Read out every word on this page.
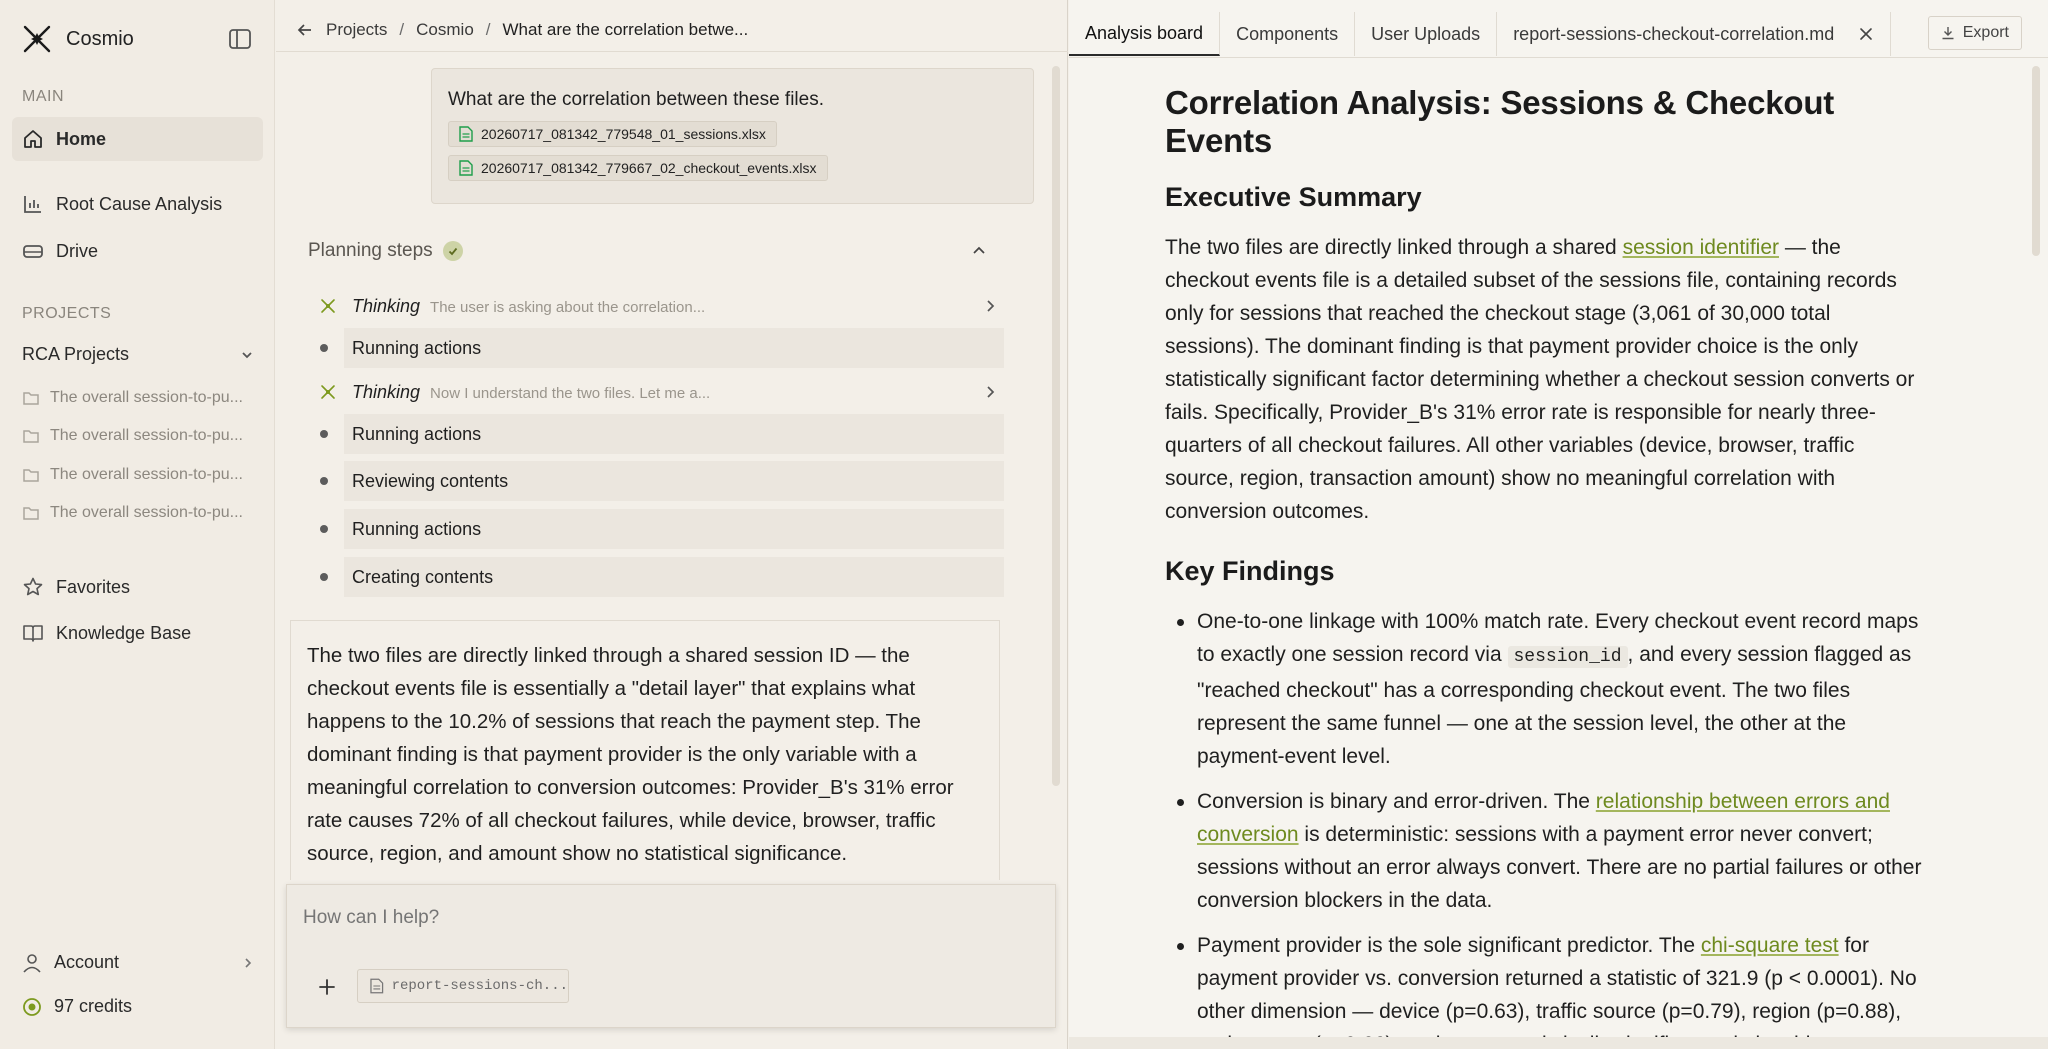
Cosmio
MAIN
Home
Root Cause Analysis
Drive
PROJECTS
RCA Projects
The overall session-to-pu...
The overall session-to-pu...
The overall session-to-pu...
The overall session-to-pu...
Favorites
Knowledge Base
Account
97 credits
Projects / Cosmio / What are the correlation betwe...
What are the correlation between these files.
20260717_081342_779548_01_sessions.xlsx
20260717_081342_779667_02_checkout_events.xlsx
Planning steps
Thinking The user is asking about the correlation...
Running actions
Thinking Now I understand the two files. Let me a...
Running actions
Reviewing contents
Running actions
Creating contents

The two files are directly linked through a shared session ID — the checkout events file is essentially a "detail layer" that explains what happens to the 10.2% of sessions that reach the payment step. The dominant finding is that payment provider is the only variable with a meaningful correlation to conversion outcomes: Provider_B's 31% error rate causes 72% of all checkout failures, while device, browser, traffic source, region, and amount show no statistical significance.

How can I help?
report-sessions-ch...
Analysis board Components User Uploads report-sessions-checkout-correlation.md	Export
Correlation Analysis: Sessions & Checkout Events
Executive Summary

The two files are directly linked through a shared session identifier — the checkout events file is a detailed subset of the sessions file, containing records only for sessions that reached the checkout stage (3,061 of 30,000 total sessions). The dominant finding is that payment provider choice is the only statistically significant factor determining whether a checkout session converts or fails. Specifically, Provider_B's 31% error rate is responsible for nearly three-quarters of all checkout failures. All other variables (device, browser, traffic source, region, transaction amount) show no meaningful correlation with conversion outcomes.

Key Findings
One-to-one linkage with 100% match rate. Every checkout event record maps to exactly one session record via session_id , and every session flagged as "reached checkout" has a corresponding checkout event. The two files represent the same funnel — one at the session level, the other at the payment-event level.
Conversion is binary and error-driven. The relationship between errors and conversion is deterministic: sessions with a payment error never convert; sessions without an error always convert. There are no partial failures or other conversion blockers in the data.
Payment provider is the sole significant predictor. The chi-square test for payment provider vs. conversion returned a statistic of 321.9 (p < 0.0001). No other dimension — device (p=0.63), traffic source (p=0.79), region (p=0.88),
